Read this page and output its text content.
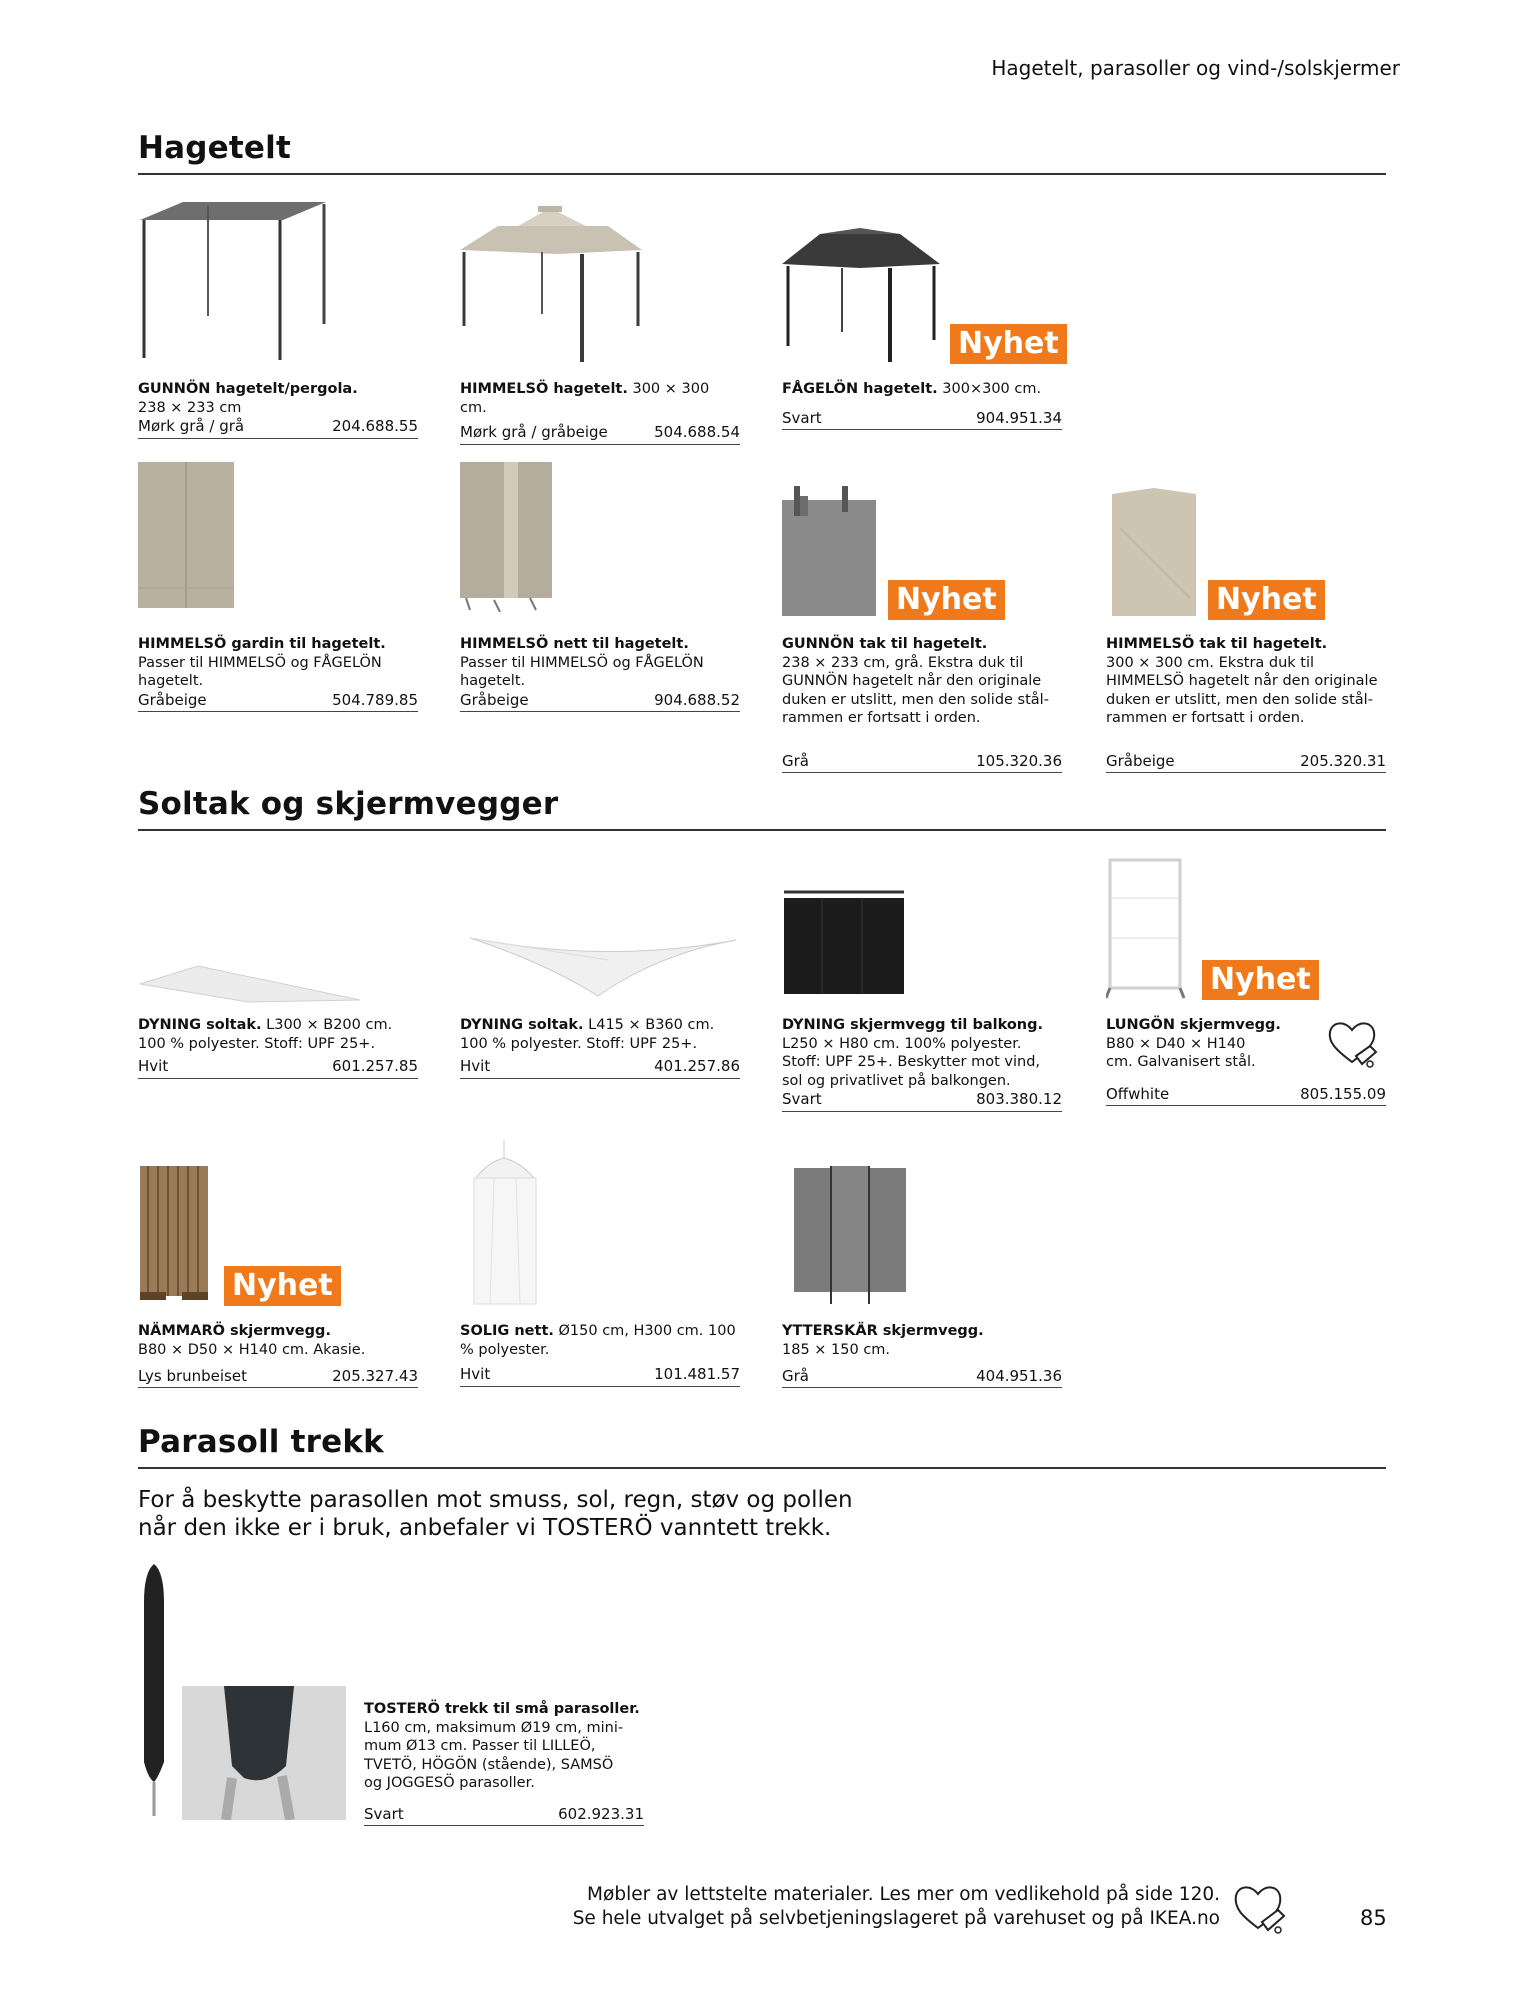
Hagetelt, parasoller og vind-/solskjermer
Hagetelt
Nyhet
GUNNÖN hagetelt/pergola.
238 × 233 cm
Mørk grå / grå	204.688.55
HIMMELSÖ hagetelt. 300 × 300 cm.
Mørk grå / gråbeige	504.688.54
FÅGELÖN hagetelt. 300×300 cm.
Svart	904.951.34
Nyhet	Nyhet
HIMMELSÖ gardin til hagetelt.
Passer til HIMMELSÖ og FÅGELÖN hagetelt.
Gråbeige	504.789.85
HIMMELSÖ nett til hagetelt.
Passer til HIMMELSÖ og FÅGELÖN hagetelt.
Gråbeige	904.688.52
GUNNÖN tak til hagetelt.
238 × 233 cm, grå. Ekstra duk til GUNNÖN hagetelt når den originale duken er utslitt, men den solide stål-rammen er fortsatt i orden.
Grå	105.320.36
HIMMELSÖ tak til hagetelt.
300 × 300 cm. Ekstra duk til HIMMELSÖ hagetelt når den originale duken er utslitt, men den solide stål-rammen er fortsatt i orden.
Gråbeige	205.320.31
Soltak og skjermvegger
Nyhet
DYNING soltak. L300 × B200 cm. 100 % polyester. Stoff: UPF 25+.
Hvit	601.257.85
DYNING soltak. L415 × B360 cm. 100 % polyester. Stoff: UPF 25+.
Hvit	401.257.86
DYNING skjermvegg til balkong.
L250 × H80 cm. 100% polyester. Stoff: UPF 25+. Beskytter mot vind, sol og privatlivet på balkongen.
Svart	803.380.12
LUNGÖN skjermvegg.
B80 × D40 × H140 cm. Galvanisert stål.
Offwhite	805.155.09
Nyhet
NÄMMARÖ skjermvegg.
B80 × D50 × H140 cm. Akasie.
Lys brunbeiset	205.327.43
SOLIG nett. Ø150 cm, H300 cm. 100 % polyester.
Hvit	101.481.57
YTTERSKÄR skjermvegg.
185 × 150 cm.
Grå	404.951.36
Parasoll trekk
For å beskytte parasollen mot smuss, sol, regn, støv og pollen når den ikke er i bruk, anbefaler vi TOSTERÖ vanntett trekk.
TOSTERÖ trekk til små parasoller.
L160 cm, maksimum Ø19 cm, mini-mum Ø13 cm. Passer til LILLEÖ, TVETÖ, HÖGÖN (stående), SAMSÖ og JOGGESÖ parasoller.
Svart	602.923.31
Møbler av lettstelte materialer. Les mer om vedlikehold på side 120.
Se hele utvalget på selvbetjeningslageret på varehuset og på IKEA.no	85
